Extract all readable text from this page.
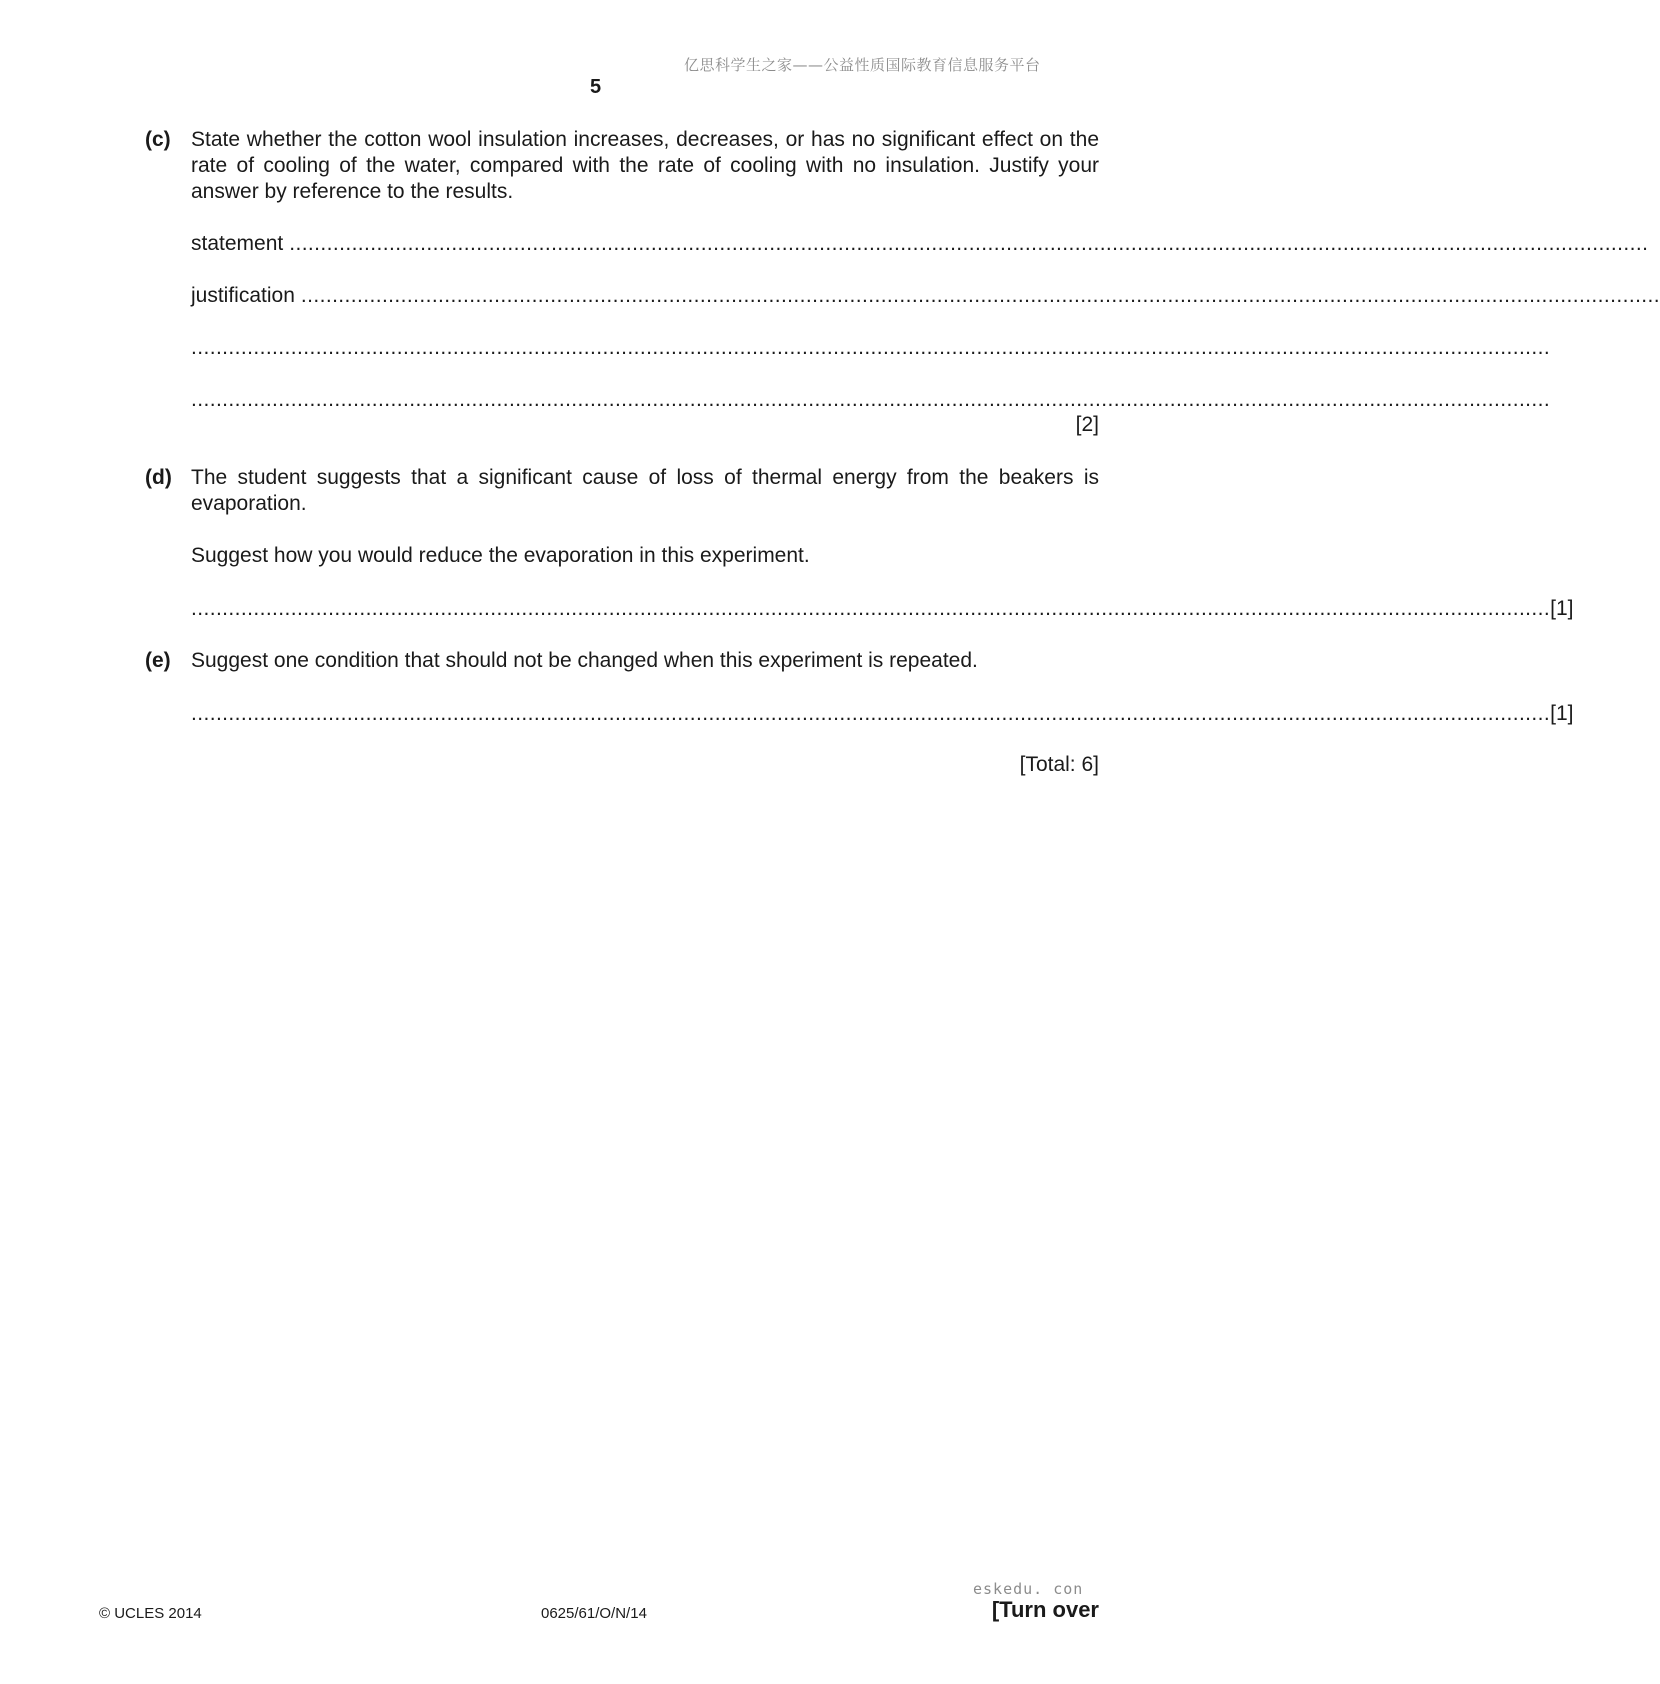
亿思科学生之家——公益性质国际教育信息服务平台
5
(c) State whether the cotton wool insulation increases, decreases, or has no significant effect on the rate of cooling of the water, compared with the rate of cooling with no insulation. Justify your answer by reference to the results.
statement ..........................................................................................................................................................................................................................
justification ..........................................................................................................................................................................................................................
..........................................................................................................................................................................................................................
..........................................................................................................................................................................................................................
[2]
(d) The student suggests that a significant cause of loss of thermal energy from the beakers is evaporation.
Suggest how you would reduce the evaporation in this experiment.
.......................................................................................................................................................................................................................... [1]
(e) Suggest one condition that should not be changed when this experiment is repeated.
.......................................................................................................................................................................................................................... [1]
[Total: 6]
© UCLES 2014	0625/61/O/N/14
eskedu. con
[Turn over
